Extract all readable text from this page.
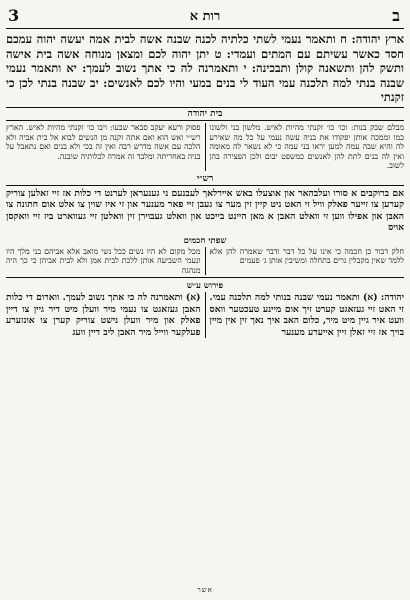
3	רות א	ב
ארץ יהודה: ח ותאמר נעמי לשתי כלתיה לכנה שבנה אשה לבית אמה יעשה יהוה עמכם חסד כאשר עשיתם עם המתים ועמדי: ט יתן יהוה לכם ומצאן מנוחה אשה בית אישה ותשק להן ותשאנה קולן ותבכינה: י ותאמרנה לה כי אתך נשוב לעמך: יא ותאמר נעמי שבנה בנתי למה תלכנה עמי העוד לי בנים במעי והיו לכם לאנשים: יב שבנה בנתי לכן כי זקנתי
בית יהודה
מבלם שבק בנות: וכו׳ כו׳ זקנתי מהיות לאיש. מלשון בני ולשונו כמו וממכה אותן יפקודו את בניה עשה נעמי על כל מה שאירע לה והיא שבה עמה למען יראו בני עמה כי לא נשאר לה מאומה ואין לה בנים לתת להן לאנשים כמשפט יבום ולכן הפצירה בהן לשוב.
פסוק ורעא יעקב סבאר שבעו: ויבו כו׳ זקנתי מהיות לאיש. הארץ רש״י ואש הוא ואם אתה זקנה מן הנשים לבוא אל בית אביה ולא הלכה עם אשה מדרש רבה ואין זה בכי ולא בנים ואם נתאבל על בניה באחריתה ומלבד זה אמרה לכלותיה שובנה.
רש״י
אם ברוקבים א סורו ועלבהאר און אוצעלו באש איירלאך לעבנעם ני גענעראן לערנט די כלות אז זיי זאלען צוריק קערען צו זייער פאלק וויל זי האט ניט קיין זין מער צו געבן זיי פאר מענער און זי איז שוין צו אלט אום חתונה צו האבן און אפילו ווען זי וואלט האבן א מאן היינט בייכט און וואלט געבוירן זין וואלטן זיי געווארט ביז זיי וואקסן אויס
שפתי חכמים
חלק דבור כן חכמה כי אינו על כל דבר ודבר שאמרה להן אלא ללמד שאין מקבלין גרים בתחלה ומשיבין אותן ג׳ פעמים
מכל מקום לא היו נשים ככל נשי מואב אלא אביהם בני מלך היו ונעמי השביעה אותן ללכת לבית אמן ולא לבית אביהן כי כך היה מנהגה
פירוש ע״ש
יהודה: (א) ותאמר נעמי שבנה בנותי למה תלכנה עמי. זי האט זיי געזאגט קערט זיך אום מיינע טעכטער וואס וועט איר גיין מיט מיר, כלום האב איך נאך זין אין מיין בויך אז זיי זאלן זיין אייערע מענער
(א) ותאמרנה לה כי אתך נשוב לעמך. ווארום די כלות האבן געזאגט צו נעמי מיר וועלן מיט דיר גיין צו דיין פאלק און מיר וועלן נישט צוריק קערן צו אונזערע פעלקער ווייל מיר האבן ליב דיין וועג
אשר
